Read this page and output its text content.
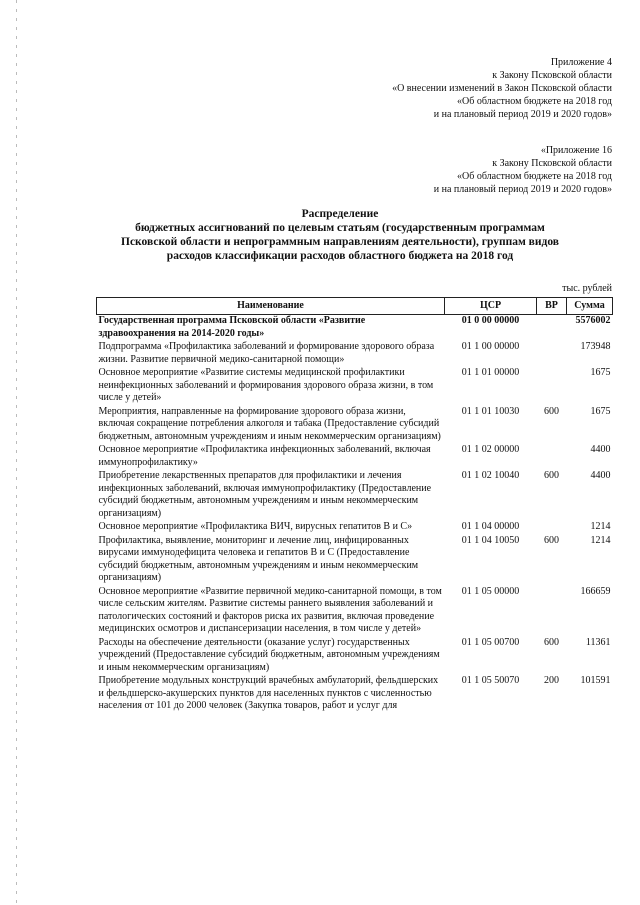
Приложение 4
к Закону Псковской области
«О внесении изменений в Закон Псковской области
«Об областном бюджете на 2018 год
и на плановый период 2019 и 2020 годов»
«Приложение 16
к Закону Псковской области
«Об областном бюджете на 2018 год
и на плановый период 2019 и 2020 годов»
Распределение
бюджетных ассигнований по целевым статьям (государственным программам
Псковской области и непрограммным направлениям деятельности), группам видов
расходов классификации расходов областного бюджета на 2018 год
тыс. рублей
Наименование	ЦСР	ВР	Сумма
Государственная программа Псковской области «Развитие здравоохранения на 2014-2020 годы»	01 0 00 00000		5576002
Подпрограмма «Профилактика заболеваний и формирование здорового образа жизни. Развитие первичной медико-санитарной помощи»	01 1 00 00000		173948
Основное мероприятие «Развитие системы медицинской профилактики неинфекционных заболеваний и формирования здорового образа жизни, в том числе у детей»	01 1 01 00000		1675
Мероприятия, направленные на формирование здорового образа жизни, включая сокращение потребления алкоголя и табака (Предоставление субсидий бюджетным, автономным учреждениям и иным некоммерческим организациям)	01 1 01 10030	600	1675
Основное мероприятие «Профилактика инфекционных заболеваний, включая иммунопрофилактику»	01 1 02 00000		4400
Приобретение лекарственных препаратов для профилактики и лечения инфекционных заболеваний, включая иммунопрофилактику (Предоставление субсидий бюджетным, автономным учреждениям и иным некоммерческим организациям)	01 1 02 10040	600	4400
Основное мероприятие «Профилактика ВИЧ, вирусных гепатитов В и С»	01 1 04 00000		1214
Профилактика, выявление, мониторинг и лечение лиц, инфицированных вирусами иммунодефицита человека и гепатитов В и С (Предоставление субсидий бюджетным, автономным учреждениям и иным некоммерческим организациям)	01 1 04 10050	600	1214
Основное мероприятие «Развитие первичной медико-санитарной помощи, в том числе сельским жителям. Развитие системы раннего выявления заболеваний и патологических состояний и факторов риска их развития, включая проведение медицинских осмотров и диспансеризации населения, в том числе у детей»	01 1 05 00000		166659
Расходы на обеспечение деятельности (оказание услуг) государственных учреждений (Предоставление субсидий бюджетным, автономным учреждениям и иным некоммерческим организациям)	01 1 05 00700	600	11361
Приобретение модульных конструкций врачебных амбулаторий, фельдшерских и фельдшерско-акушерских пунктов для населенных пунктов с численностью населения от 101 до 2000 человек (Закупка товаров, работ и услуг для	01 1 05 50070	200	101591
